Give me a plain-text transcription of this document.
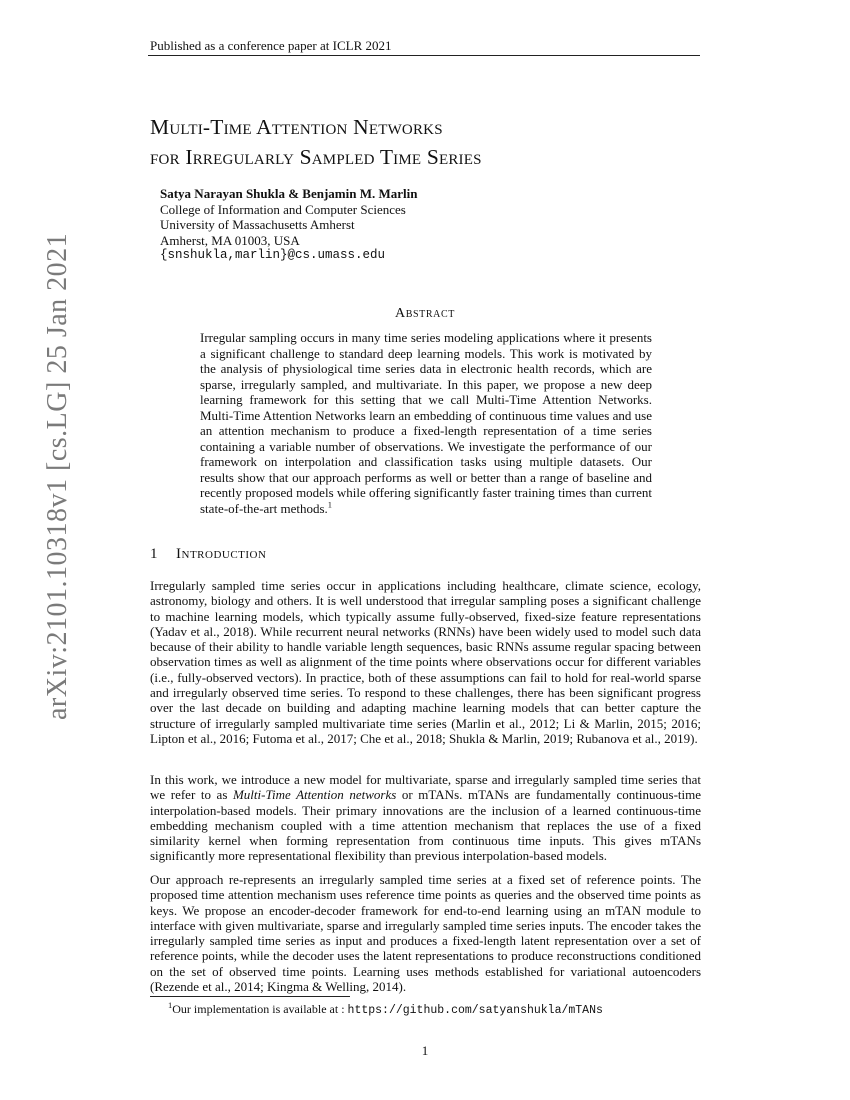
Published as a conference paper at ICLR 2021
Multi-Time Attention Networks
for Irregularly Sampled Time Series
Satya Narayan Shukla & Benjamin M. Marlin
College of Information and Computer Sciences
University of Massachusetts Amherst
Amherst, MA 01003, USA
{snshukla,marlin}@cs.umass.edu
Abstract
Irregular sampling occurs in many time series modeling applications where it presents a significant challenge to standard deep learning models. This work is motivated by the analysis of physiological time series data in electronic health records, which are sparse, irregularly sampled, and multivariate. In this paper, we propose a new deep learning framework for this setting that we call Multi-Time Attention Networks. Multi-Time Attention Networks learn an embedding of continuous time values and use an attention mechanism to produce a fixed-length representation of a time series containing a variable number of observations. We investigate the performance of our framework on interpolation and classification tasks using multiple datasets. Our results show that our approach performs as well or better than a range of baseline and recently proposed models while offering significantly faster training times than current state-of-the-art methods.$^1$
1 Introduction
Irregularly sampled time series occur in applications including healthcare, climate science, ecology, astronomy, biology and others. It is well understood that irregular sampling poses a significant challenge to machine learning models, which typically assume fully-observed, fixed-size feature representations (Yadav et al., 2018). While recurrent neural networks (RNNs) have been widely used to model such data because of their ability to handle variable length sequences, basic RNNs assume regular spacing between observation times as well as alignment of the time points where observations occur for different variables (i.e., fully-observed vectors). In practice, both of these assumptions can fail to hold for real-world sparse and irregularly observed time series. To respond to these challenges, there has been significant progress over the last decade on building and adapting machine learning models that can better capture the structure of irregularly sampled multivariate time series (Marlin et al., 2012; Li & Marlin, 2015; 2016; Lipton et al., 2016; Futoma et al., 2017; Che et al., 2018; Shukla & Marlin, 2019; Rubanova et al., 2019).
In this work, we introduce a new model for multivariate, sparse and irregularly sampled time series that we refer to as Multi-Time Attention networks or mTANs. mTANs are fundamentally continuous-time interpolation-based models. Their primary innovations are the inclusion of a learned continuous-time embedding mechanism coupled with a time attention mechanism that replaces the use of a fixed similarity kernel when forming representation from continuous time inputs. This gives mTANs significantly more representational flexibility than previous interpolation-based models.
Our approach re-represents an irregularly sampled time series at a fixed set of reference points. The proposed time attention mechanism uses reference time points as queries and the observed time points as keys. We propose an encoder-decoder framework for end-to-end learning using an mTAN module to interface with given multivariate, sparse and irregularly sampled time series inputs. The encoder takes the irregularly sampled time series as input and produces a fixed-length latent representation over a set of reference points, while the decoder uses the latent representations to produce reconstructions conditioned on the set of observed time points. Learning uses methods established for variational autoencoders (Rezende et al., 2014; Kingma & Welling, 2014).
$^1$Our implementation is available at : https://github.com/satyanshukla/mTANs
1
arXiv:2101.10318v1 [cs.LG] 25 Jan 2021
